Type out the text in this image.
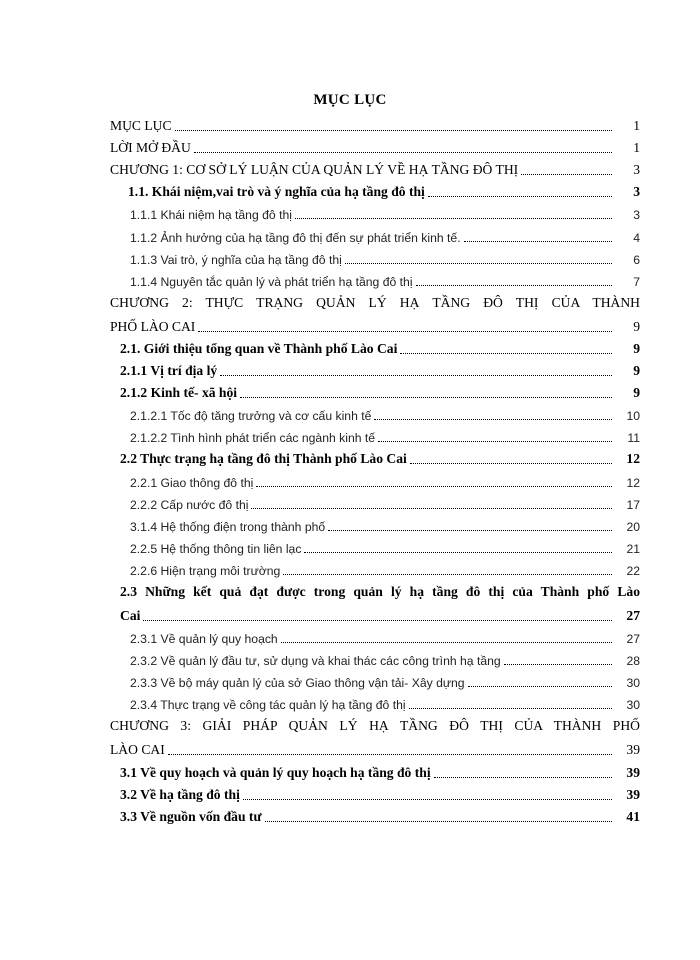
MỤC LỤC
MỤC LỤC	1
LỜI MỞ ĐẦU	1
CHƯƠNG 1: CƠ SỞ LÝ LUẬN CỦA QUẢN LÝ VỀ HẠ TẦNG ĐÔ THỊ	3
1.1. Khái niệm,vai trò và ý nghĩa của hạ tầng đô thị	3
1.1.1 Khái niệm hạ tầng đô thị	3
1.1.2 Ảnh hưởng của hạ tầng đô thị đến sự phát triển kinh tế.	4
1.1.3 Vai trò, ý nghĩa của hạ tầng đô thị	6
1.1.4 Nguyên tắc quản lý và phát triển hạ tầng đô thị	7
CHƯƠNG 2: THỰC TRẠNG QUẢN LÝ HẠ TẦNG ĐÔ THỊ CỦA THÀNH
PHỐ LÀO CAI	9
2.1. Giới thiệu tổng quan về Thành phố Lào Cai	9
2.1.1 Vị trí địa lý	9
2.1.2 Kinh tế- xã hội	9
2.1.2.1 Tốc độ tăng trưởng và cơ cấu kinh tế	10
2.1.2.2 Tình hình phát triển các ngành kinh tế	11
2.2 Thực trạng hạ tầng đô thị Thành phố Lào Cai	12
2.2.1 Giao thông đô thị	12
2.2.2 Cấp nước đô thị	17
3.1.4 Hệ thống điện trong thành phố	20
2.2.5 Hệ thống thông tin liên lạc	21
2.2.6 Hiện trạng môi trường	22
2.3 Những kết quả đạt được trong quản lý hạ tầng đô thị của Thành phố Lào
Cai	27
2.3.1 Về quản lý quy hoạch	27
2.3.2 Về quản lý đầu tư, sử dụng và khai thác các công trình hạ tầng	28
2.3.3 Về bộ máy quản lý của sở Giao thông vận tải- Xây dựng	30
2.3.4 Thực trạng về công tác quản lý hạ tầng đô thị	30
CHƯƠNG 3: GIẢI PHÁP QUẢN LÝ HẠ TẦNG ĐÔ THỊ CỦA THÀNH PHỐ
LÀO CAI	39
3.1 Về quy hoạch và quản lý quy hoạch hạ tầng đô thị	39
3.2 Về hạ tầng đô thị	39
3.3 Về nguồn vốn đầu tư	41
